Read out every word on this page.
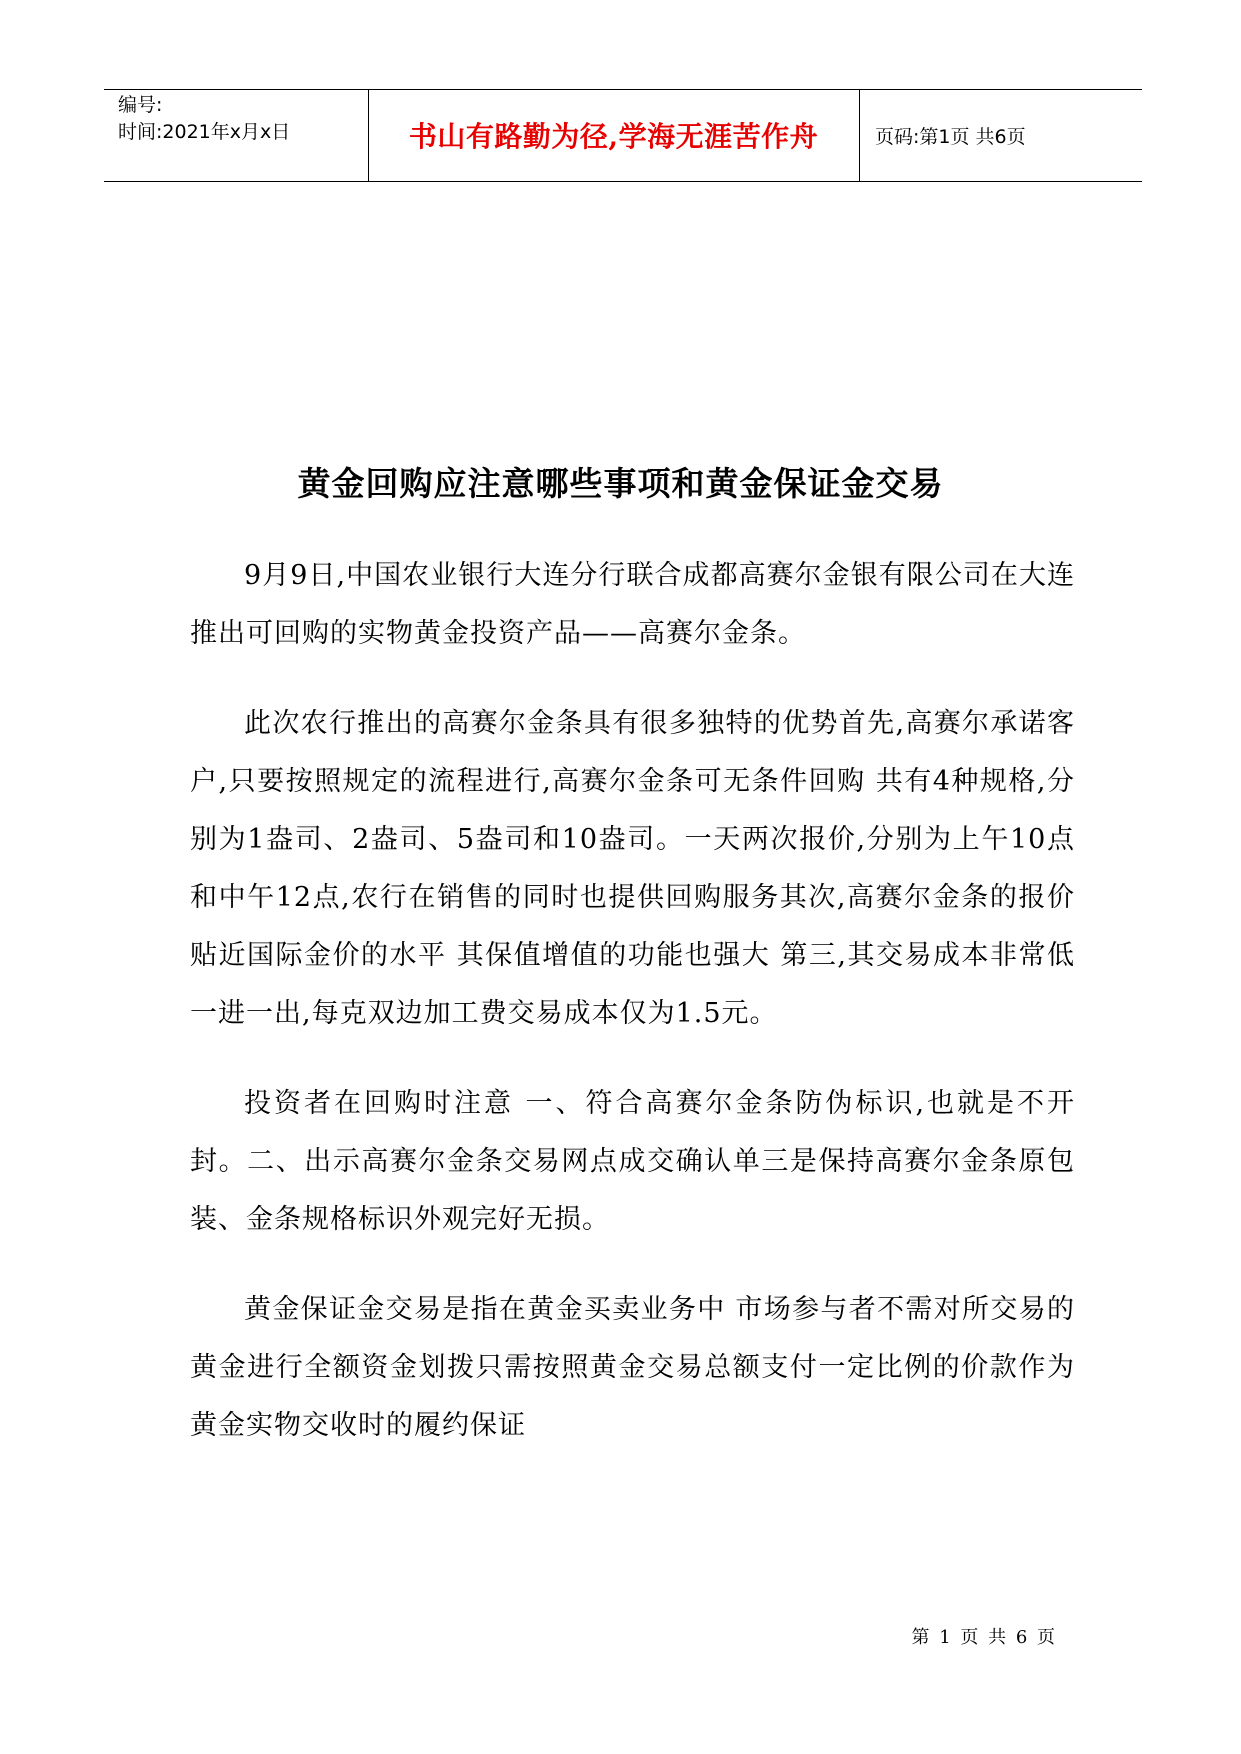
编号:
时间:2021年x月x日	书山有路勤为径,学海无涯苦作舟	页码:第1页 共6页
黄金回购应注意哪些事项和黄金保证金交易

9月9日,中国农业银行大连分行联合成都高赛尔金银有限公司在大连推出可回购的实物黄金投资产品——高赛尔金条。

此次农行推出的高赛尔金条具有很多独特的优势首先,高赛尔承诺客户,只要按照规定的流程进行,高赛尔金条可无条件回购 共有4种规格,分别为1盎司、2盎司、5盎司和10盎司。一天两次报价,分别为上午10点和中午12点,农行在销售的同时也提供回购服务其次,高赛尔金条的报价贴近国际金价的水平 其保值增值的功能也强大 第三,其交易成本非常低 一进一出,每克双边加工费交易成本仅为1.5元。

投资者在回购时注意 一、符合高赛尔金条防伪标识,也就是不开封。二、出示高赛尔金条交易网点成交确认单三是保持高赛尔金条原包装、金条规格标识外观完好无损。

黄金保证金交易是指在黄金买卖业务中 市场参与者不需对所交易的黄金进行全额资金划拨只需按照黄金交易总额支付一定比例的价款作为黄金实物交收时的履约保证

第 1 页 共 6 页
